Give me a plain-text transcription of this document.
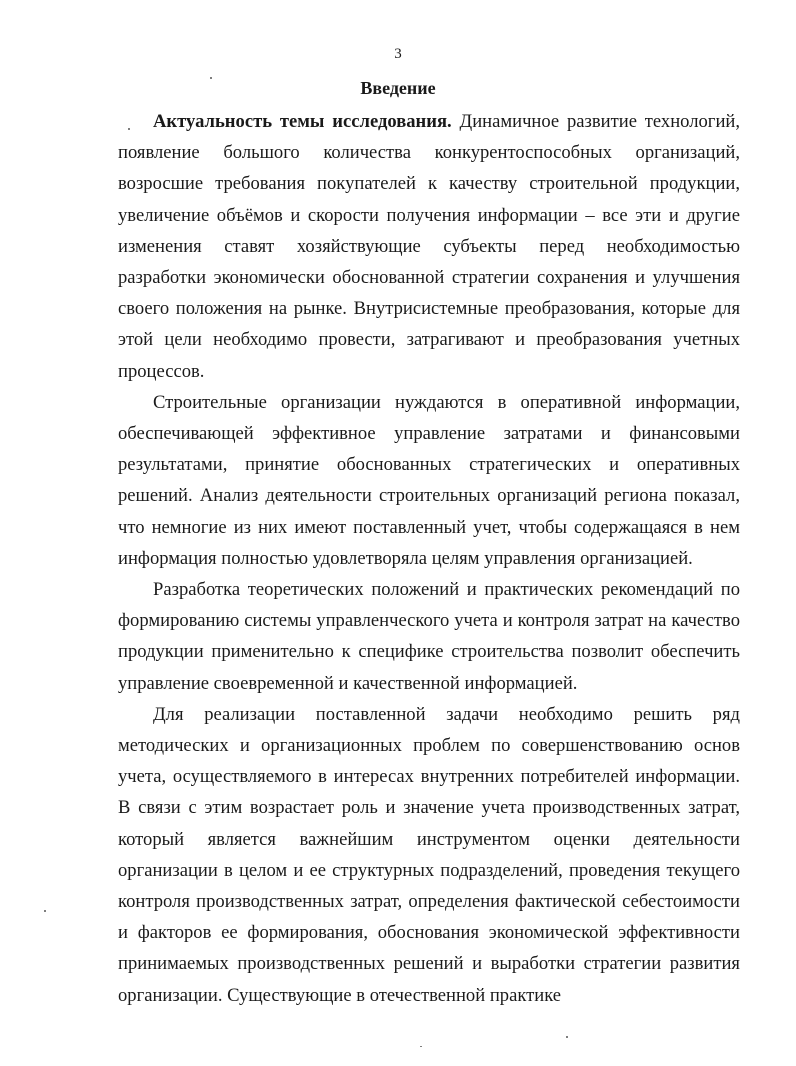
3
Введение

Актуальность темы исследования. Динамичное развитие технологий, появление большого количества конкурентоспособных организаций, возросшие требования покупателей к качеству строительной продукции, увеличение объёмов и скорости получения информации – все эти и другие изменения ставят хозяйствующие субъекты перед необходимостью разработки экономически обоснованной стратегии сохранения и улучшения своего положения на рынке. Внутрисистемные преобразования, которые для этой цели необходимо провести, затрагивают и преобразования учетных процессов.

Строительные организации нуждаются в оперативной информации, обеспечивающей эффективное управление затратами и финансовыми результатами, принятие обоснованных стратегических и оперативных решений. Анализ деятельности строительных организаций региона показал, что немногие из них имеют поставленный учет, чтобы содержащаяся в нем информация полностью удовлетворяла целям управления организацией.

Разработка теоретических положений и практических рекомендаций по формированию системы управленческого учета и контроля затрат на качество продукции применительно к специфике строительства позволит обеспечить управление своевременной и качественной информацией.

Для реализации поставленной задачи необходимо решить ряд методических и организационных проблем по совершенствованию основ учета, осуществляемого в интересах внутренних потребителей информации. В связи с этим возрастает роль и значение учета производственных затрат, который является важнейшим инструментом оценки деятельности организации в целом и ее структурных подразделений, проведения текущего контроля производственных затрат, определения фактической себестоимости и факторов ее формирования, обоснования экономической эффективности принимаемых производственных решений и выработки стратегии развития организации. Существующие в отечественной практике
